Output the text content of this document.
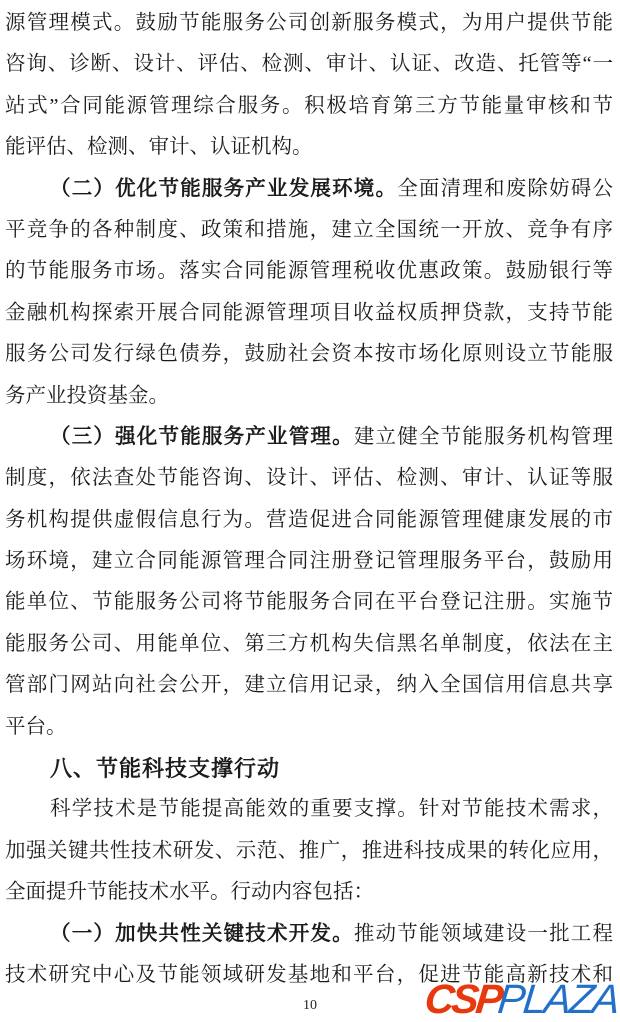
源管理模式。鼓励节能服务公司创新服务模式，为用户提供节能
咨询、诊断、设计、评估、检测、审计、认证、改造、托管等“一
站式”合同能源管理综合服务。积极培育第三方节能量审核和节
能评估、检测、审计、认证机构。
（二）优化节能服务产业发展环境。全面清理和废除妨碍公
平竞争的各种制度、政策和措施，建立全国统一开放、竞争有序
的节能服务市场。落实合同能源管理税收优惠政策。鼓励银行等
金融机构探索开展合同能源管理项目收益权质押贷款，支持节能
服务公司发行绿色债券，鼓励社会资本按市场化原则设立节能服
务产业投资基金。
（三）强化节能服务产业管理。建立健全节能服务机构管理
制度，依法查处节能咨询、设计、评估、检测、审计、认证等服
务机构提供虚假信息行为。营造促进合同能源管理健康发展的市
场环境，建立合同能源管理合同注册登记管理服务平台，鼓励用
能单位、节能服务公司将节能服务合同在平台登记注册。实施节
能服务公司、用能单位、第三方机构失信黑名单制度，依法在主
管部门网站向社会公开，建立信用记录，纳入全国信用信息共享
平台。
八、节能科技支撑行动
科学技术是节能提高能效的重要支撑。针对节能技术需求，
加强关键共性技术研发、示范、推广，推进科技成果的转化应用，
全面提升节能技术水平。行动内容包括：
（一）加快共性关键技术开发。推动节能领域建设一批工程
技术研究中心及节能领域研发基地和平台，促进节能高新技术和
10	CSPPLAZA
